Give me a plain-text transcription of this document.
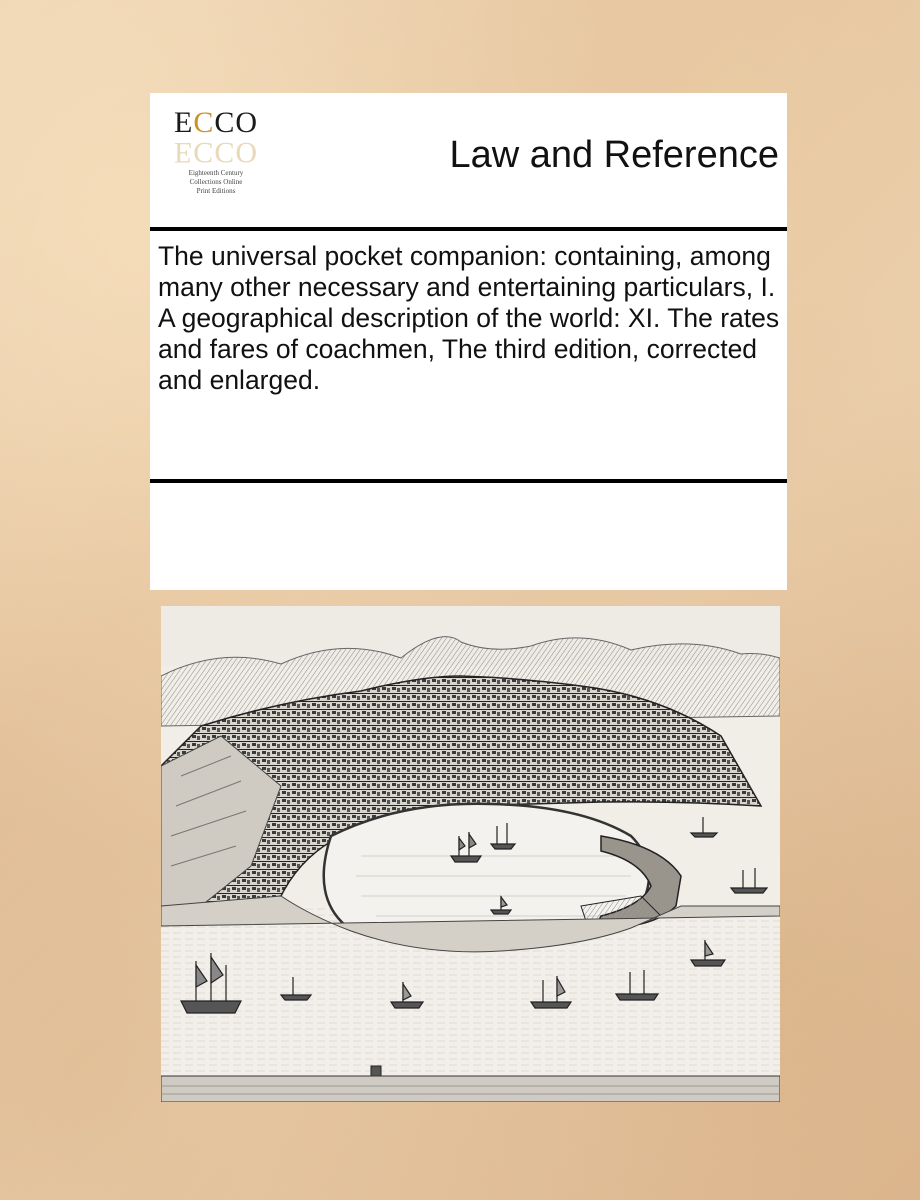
ECCO
ECCO
Eighteenth Century
Collections Online
Print Editions
Law and Reference
The universal pocket companion: containing, among many other necessary and entertaining particulars, I. A geographical description of the world: XI. The rates and fares of coachmen, The third edition, corrected and enlarged.
